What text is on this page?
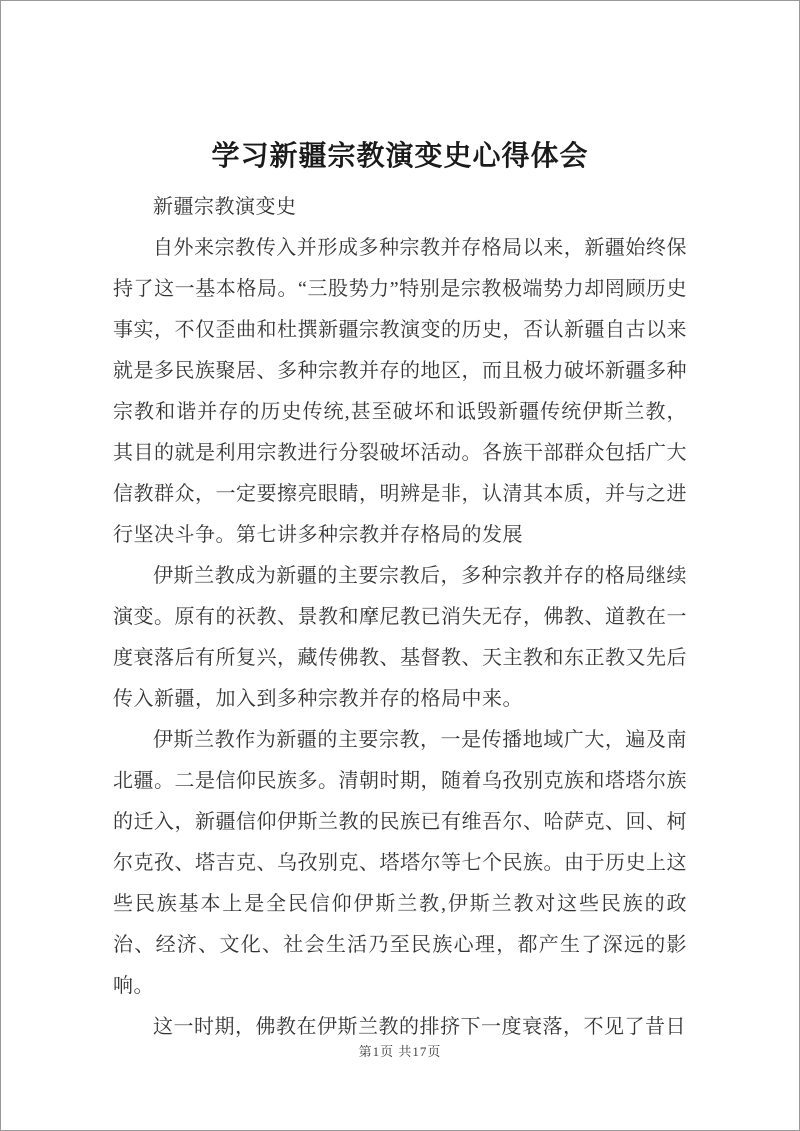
学习新疆宗教演变史心得体会

新疆宗教演变史

自外来宗教传入并形成多种宗教并存格局以来，新疆始终保持了这一基本格局。“三股势力”特别是宗教极端势力却罔顾历史事实，不仅歪曲和杜撰新疆宗教演变的历史，否认新疆自古以来就是多民族聚居、多种宗教并存的地区，而且极力破坏新疆多种宗教和谐并存的历史传统,甚至破坏和诋毁新疆传统伊斯兰教，其目的就是利用宗教进行分裂破坏活动。各族干部群众包括广大信教群众，一定要擦亮眼睛，明辨是非，认清其本质，并与之进行坚决斗争。第七讲多种宗教并存格局的发展

伊斯兰教成为新疆的主要宗教后，多种宗教并存的格局继续演变。原有的祆教、景教和摩尼教已消失无存，佛教、道教在一度衰落后有所复兴，藏传佛教、基督教、天主教和东正教又先后传入新疆，加入到多种宗教并存的格局中来。

伊斯兰教作为新疆的主要宗教，一是传播地域广大，遍及南北疆。二是信仰民族多。清朝时期，随着乌孜别克族和塔塔尔族的迁入，新疆信仰伊斯兰教的民族已有维吾尔、哈萨克、回、柯尔克孜、塔吉克、乌孜别克、塔塔尔等七个民族。由于历史上这些民族基本上是全民信仰伊斯兰教,伊斯兰教对这些民族的政治、经济、文化、社会生活乃至民族心理，都产生了深远的影响。

这一时期，佛教在伊斯兰教的排挤下一度衰落，不见了昔日

第1页 共17页
